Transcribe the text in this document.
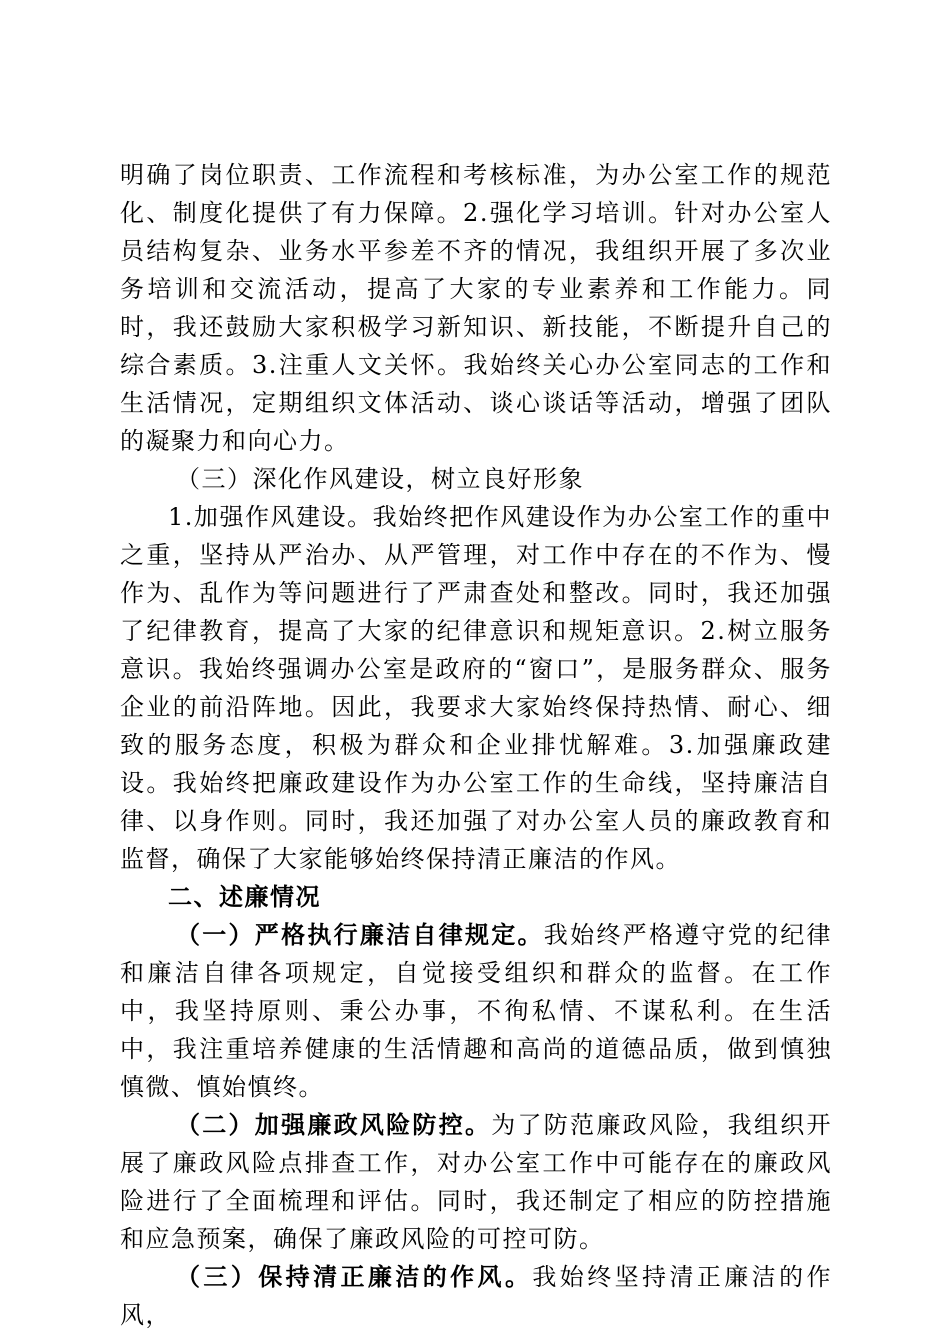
明确了岗位职责、工作流程和考核标准，为办公室工作的规范化、制度化提供了有力保障。2.强化学习培训。针对办公室人员结构复杂、业务水平参差不齐的情况，我组织开展了多次业务培训和交流活动，提高了大家的专业素养和工作能力。同时，我还鼓励大家积极学习新知识、新技能，不断提升自己的综合素质。3.注重人文关怀。我始终关心办公室同志的工作和生活情况，定期组织文体活动、谈心谈话等活动，增强了团队的凝聚力和向心力。

（三）深化作风建设，树立良好形象

1.加强作风建设。我始终把作风建设作为办公室工作的重中之重，坚持从严治办、从严管理，对工作中存在的不作为、慢作为、乱作为等问题进行了严肃查处和整改。同时，我还加强了纪律教育，提高了大家的纪律意识和规矩意识。2.树立服务意识。我始终强调办公室是政府的“窗口”，是服务群众、服务企业的前沿阵地。因此，我要求大家始终保持热情、耐心、细致的服务态度，积极为群众和企业排忧解难。3.加强廉政建设。我始终把廉政建设作为办公室工作的生命线，坚持廉洁自律、以身作则。同时，我还加强了对办公室人员的廉政教育和监督，确保了大家能够始终保持清正廉洁的作风。

二、述廉情况

（一）严格执行廉洁自律规定。我始终严格遵守党的纪律和廉洁自律各项规定，自觉接受组织和群众的监督。在工作中，我坚持原则、秉公办事，不徇私情、不谋私利。在生活中，我注重培养健康的生活情趣和高尚的道德品质，做到慎独慎微、慎始慎终。

（二）加强廉政风险防控。为了防范廉政风险，我组织开展了廉政风险点排查工作，对办公室工作中可能存在的廉政风险进行了全面梳理和评估。同时，我还制定了相应的防控措施和应急预案，确保了廉政风险的可控可防。

（三）保持清正廉洁的作风。我始终坚持清正廉洁的作风，
